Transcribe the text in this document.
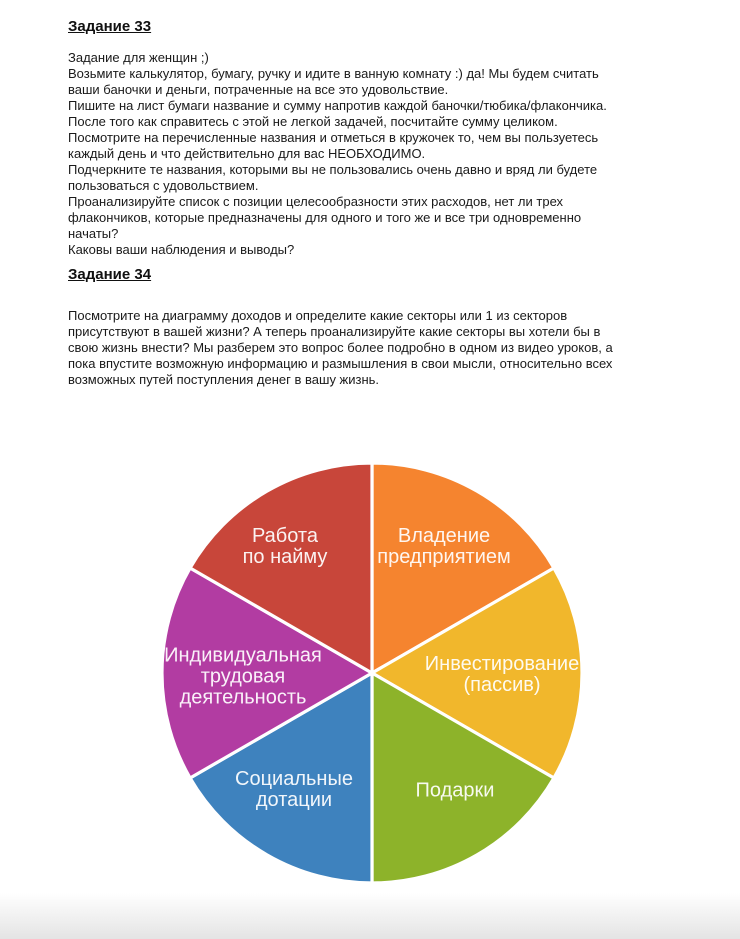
Задание 33
Задание для женщин ;)
Возьмите калькулятор, бумагу, ручку и идите в ванную комнату :) да! Мы будем считать
ваши баночки и деньги, потраченные на все это удовольствие.
Пишите на лист бумаги название и сумму напротив каждой баночки/тюбика/флакончика.
После того как справитесь с этой не легкой задачей, посчитайте сумму целиком.
Посмотрите на перечисленные названия и отметься в кружочек то, чем вы пользуетесь
каждый день и что действительно для вас НЕОБХОДИМО.
Подчеркните те названия, которыми вы не пользовались очень давно и вряд ли будете
пользоваться с удовольствием.
Проанализируйте список с позиции целесообразности этих расходов, нет ли трех
флакончиков, которые предназначены для одного и того же и все три одновременно
начаты?
Каковы ваши наблюдения и выводы?
Задание 34
Посмотрите на диаграмму доходов и определите какие секторы или 1 из секторов
присутствуют в вашей жизни? А теперь проанализируйте какие секторы вы хотели бы в
свою жизнь внести? Мы разберем это вопрос более подробно в одном из видео уроков, а
пока впустите возможную информацию и размышления в свои мысли, относительно всех
возможных путей поступления денег в вашу жизнь.
Владение
предприятием
Инвестирование
(пассив)
Подарки
Социальные
дотации
Индивидуальная
трудовая
деятельность
Работа
по найму
